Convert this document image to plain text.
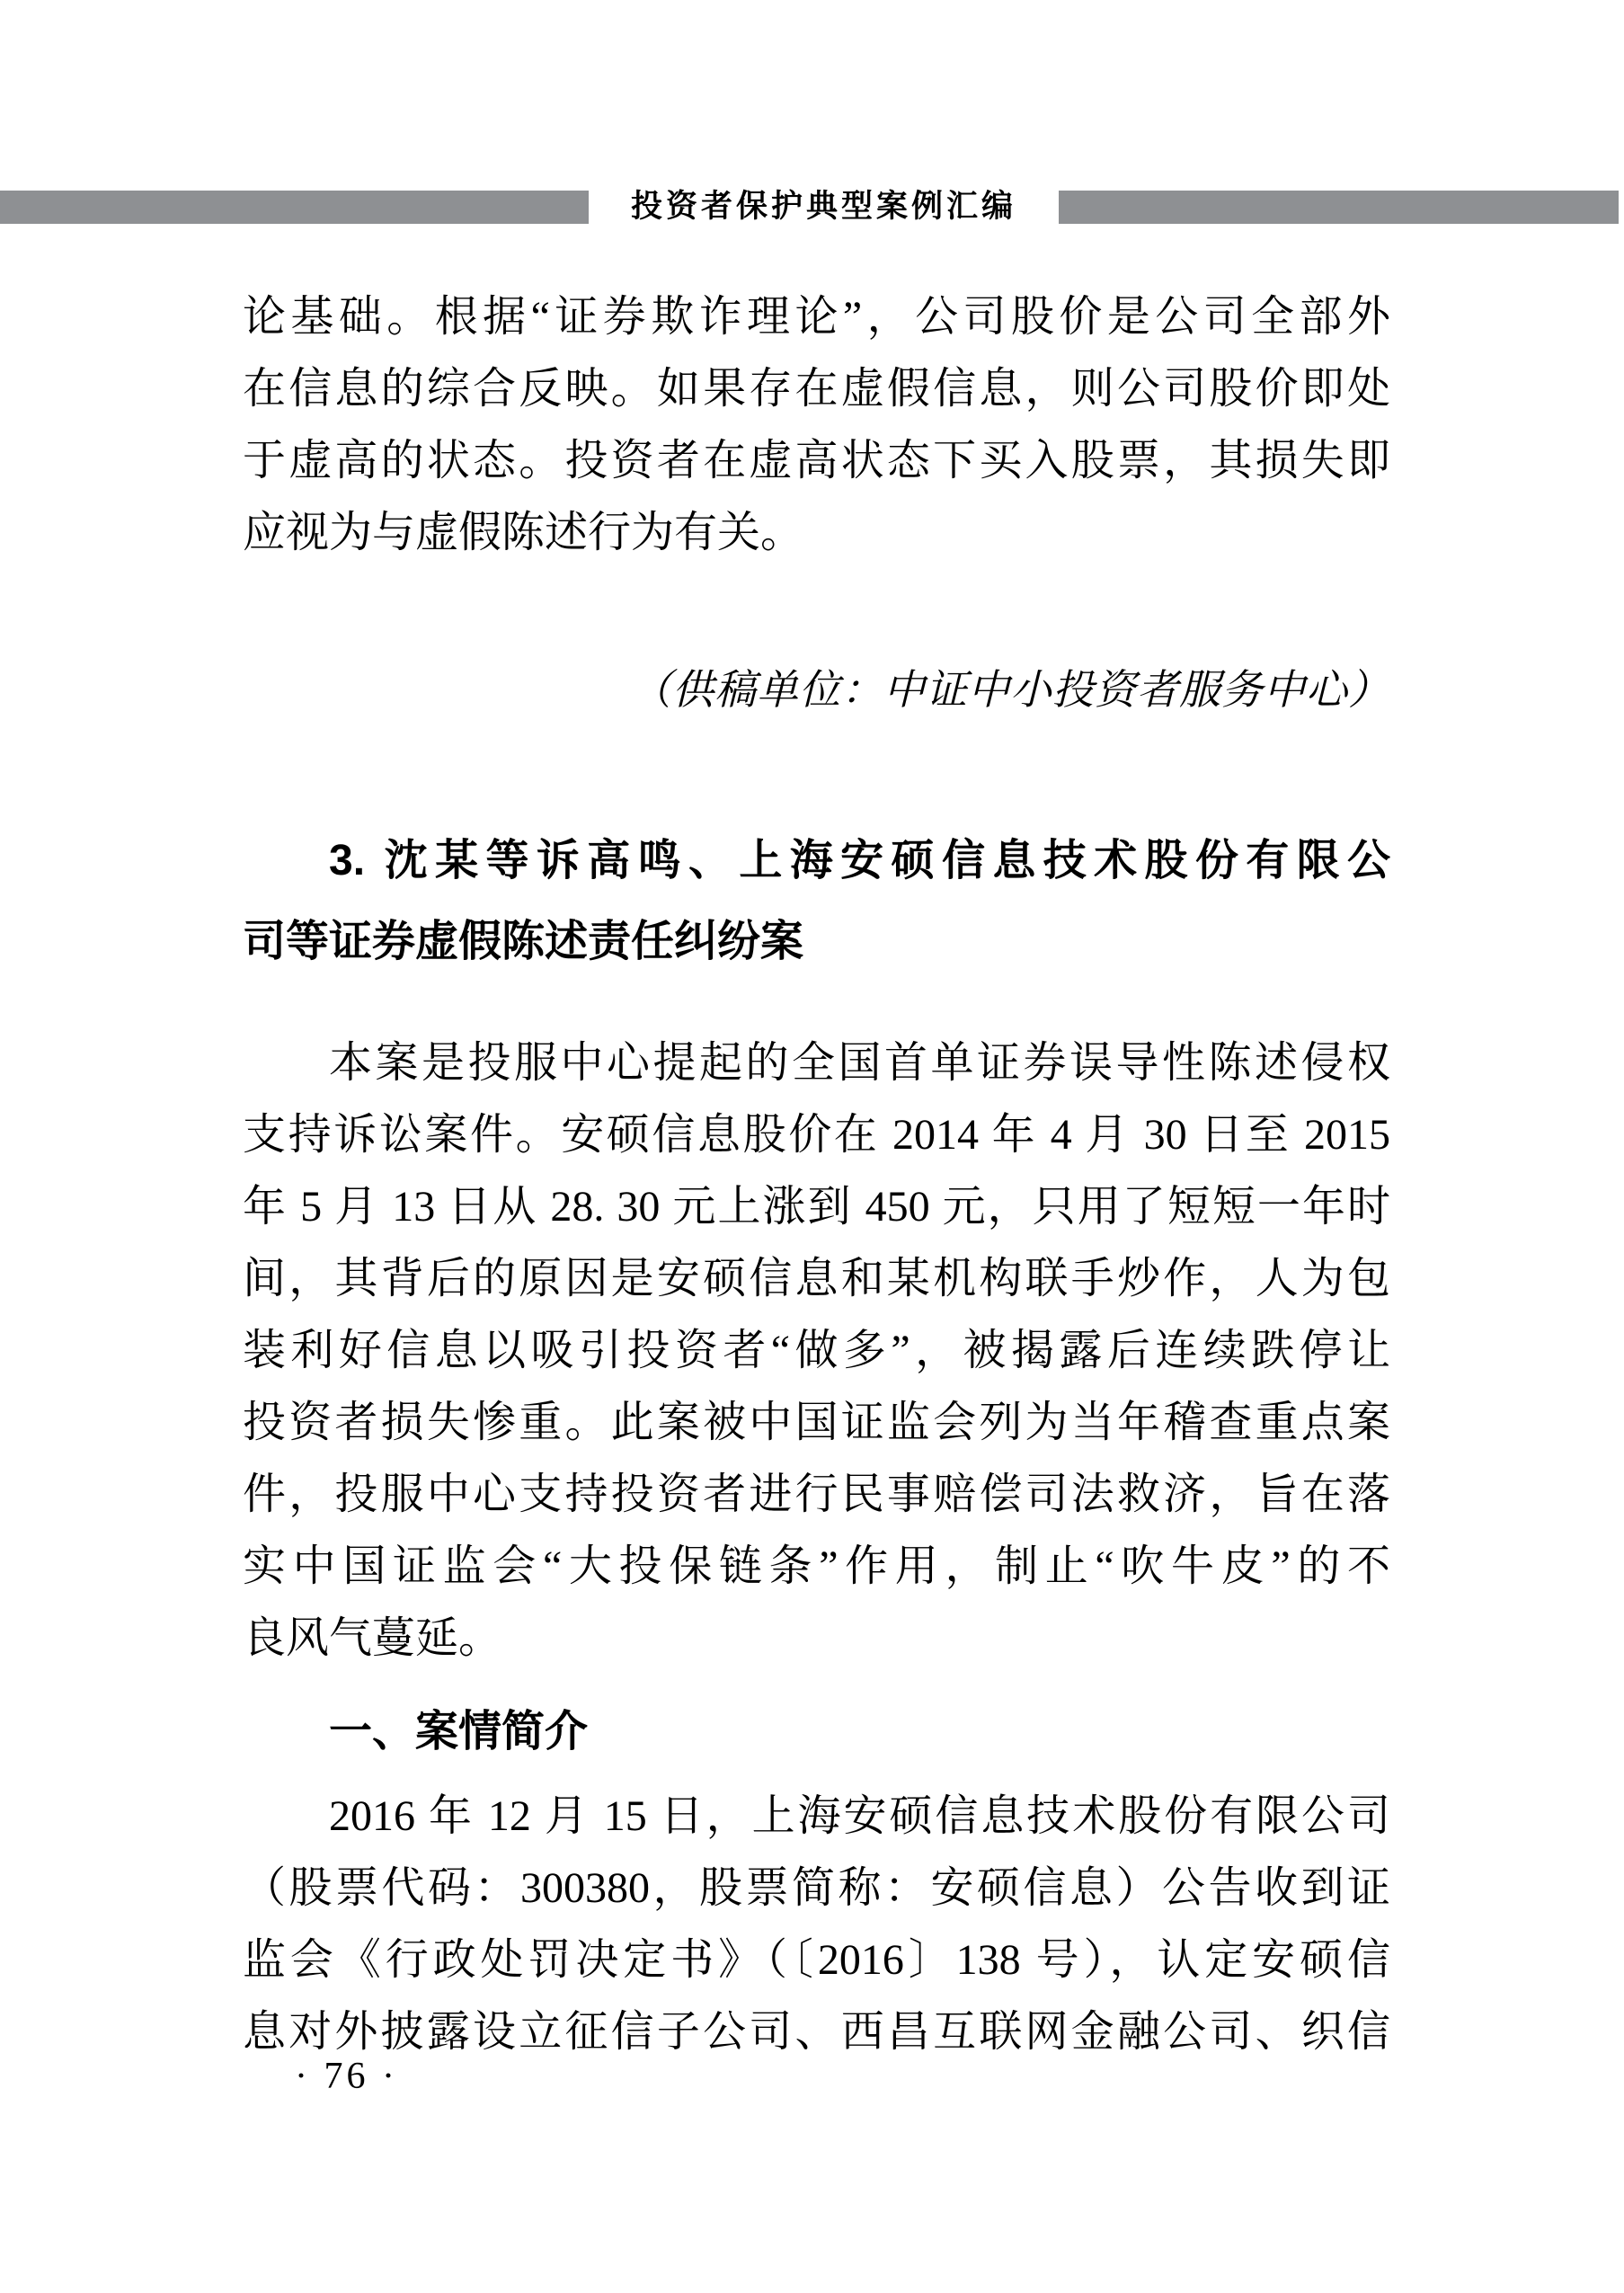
投资者保护典型案例汇编
论基础。根据“证券欺诈理论”，公司股价是公司全部外
在信息的综合反映。如果存在虚假信息，则公司股价即处
于虚高的状态。投资者在虚高状态下买入股票，其损失即
应视为与虚假陈述行为有关。
（供稿单位：中证中小投资者服务中心）
3. 沈某等诉高鸣、上海安硕信息技术股份有限公
司等证券虚假陈述责任纠纷案
本案是投服中心提起的全国首单证券误导性陈述侵权
支持诉讼案件。安硕信息股价在 2014 年 4 月 30 日至 2015
年 5 月 13 日从 28. 30 元上涨到 450 元，只用了短短一年时
间，其背后的原因是安硕信息和某机构联手炒作，人为包
装利好信息以吸引投资者“做多”，被揭露后连续跌停让
投资者损失惨重。此案被中国证监会列为当年稽查重点案
件，投服中心支持投资者进行民事赔偿司法救济，旨在落
实中国证监会“大投保链条”作用，制止“吹牛皮”的不
良风气蔓延。
一、案情简介
2016 年 12 月 15 日，上海安硕信息技术股份有限公司
（股票代码：300380，股票简称：安硕信息）公告收到证
监会《行政处罚决定书》（〔2016〕138 号），认定安硕信
息对外披露设立征信子公司、西昌互联网金融公司、织信
· 76 ·
